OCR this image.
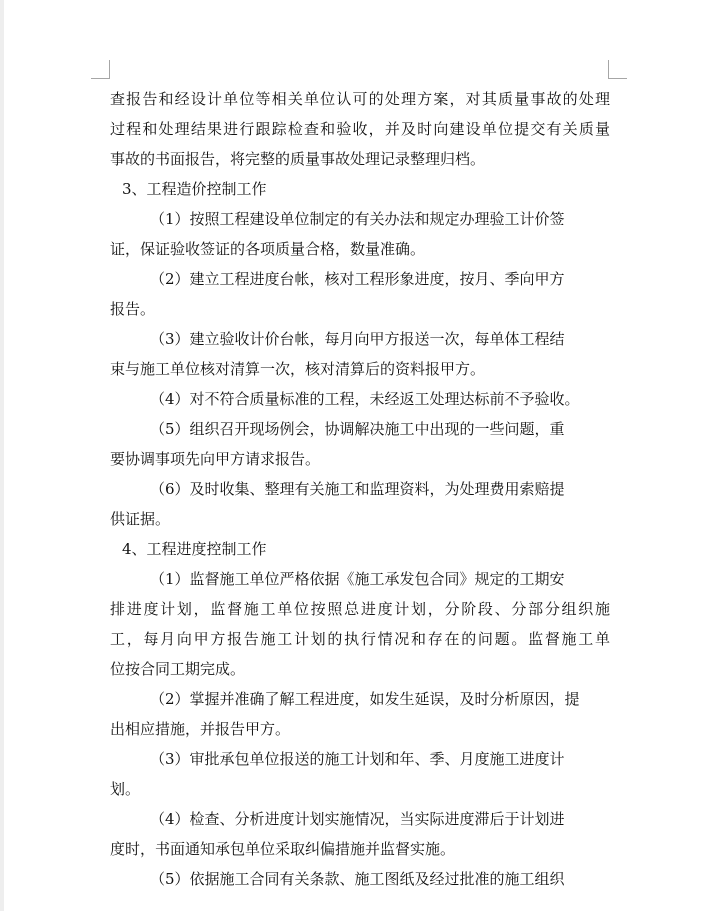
查报告和经设计单位等相关单位认可的处理方案，对其质量事故的处理
过程和处理结果进行跟踪检查和验收，并及时向建设单位提交有关质量
事故的书面报告，将完整的质量事故处理记录整理归档。
3、工程造价控制工作
（1）按照工程建设单位制定的有关办法和规定办理验工计价签
证，保证验收签证的各项质量合格，数量准确。
（2）建立工程进度台帐，核对工程形象进度，按月、季向甲方
报告。
（3）建立验收计价台帐，每月向甲方报送一次，每单体工程结
束与施工单位核对清算一次，核对清算后的资料报甲方。
（4）对不符合质量标准的工程，未经返工处理达标前不予验收。
（5）组织召开现场例会，协调解决施工中出现的一些问题，重
要协调事项先向甲方请求报告。
（6）及时收集、整理有关施工和监理资料，为处理费用索赔提
供证据。
4、工程进度控制工作
（1）监督施工单位严格依据《施工承发包合同》规定的工期安
排进度计划，监督施工单位按照总进度计划，分阶段、分部分组织施
工，每月向甲方报告施工计划的执行情况和存在的问题。监督施工单
位按合同工期完成。
（2）掌握并准确了解工程进度，如发生延误，及时分析原因，提
出相应措施，并报告甲方。
（3）审批承包单位报送的施工计划和年、季、月度施工进度计
划。
（4）检查、分析进度计划实施情况，当实际进度滞后于计划进
度时，书面通知承包单位采取纠偏措施并监督实施。
（5）依据施工合同有关条款、施工图纸及经过批准的施工组织
